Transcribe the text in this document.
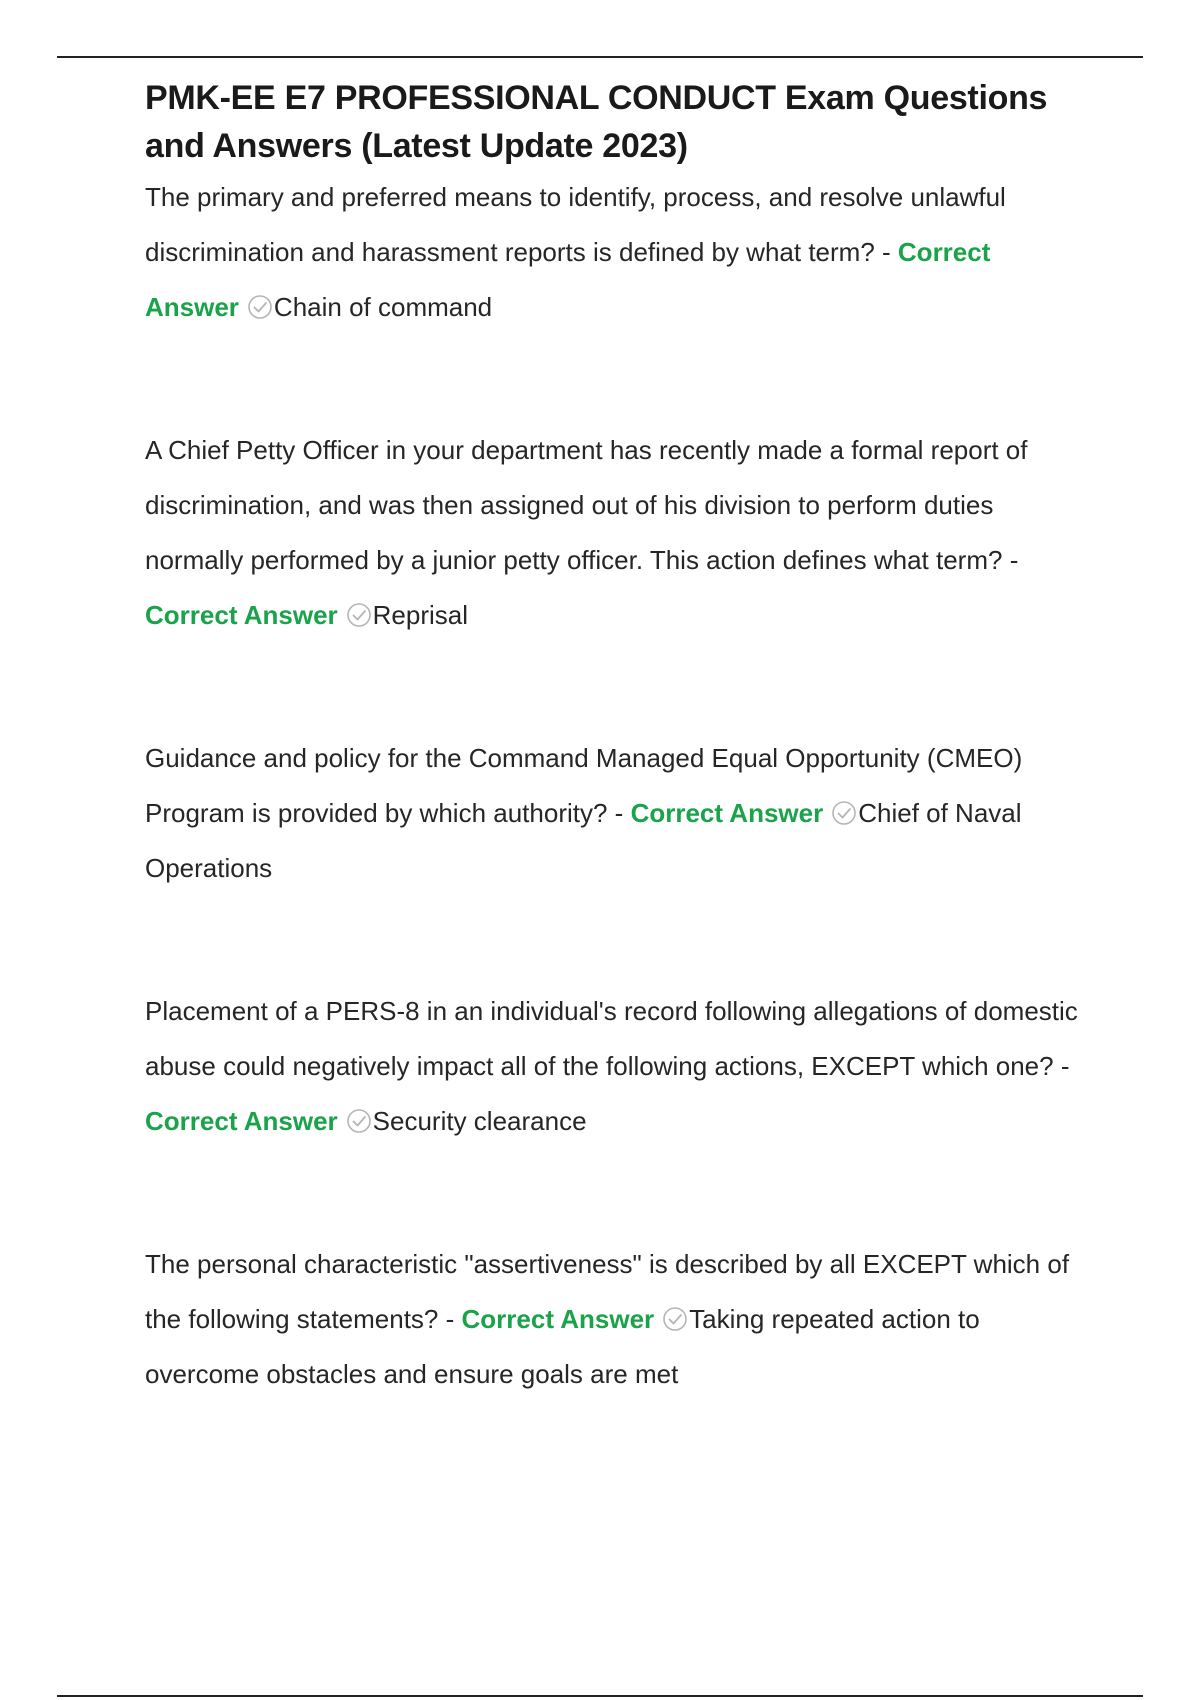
PMK-EE E7 PROFESSIONAL CONDUCT Exam Questions and Answers (Latest Update 2023)
The primary and preferred means to identify, process, and resolve unlawful discrimination and harassment reports is defined by what term? - Correct Answer Chain of command
A Chief Petty Officer in your department has recently made a formal report of discrimination, and was then assigned out of his division to perform duties normally performed by a junior petty officer. This action defines what term? - Correct Answer Reprisal
Guidance and policy for the Command Managed Equal Opportunity (CMEO) Program is provided by which authority? - Correct Answer Chief of Naval Operations
Placement of a PERS-8 in an individual's record following allegations of domestic abuse could negatively impact all of the following actions, EXCEPT which one? - Correct Answer Security clearance
The personal characteristic "assertiveness" is described by all EXCEPT which of the following statements? - Correct Answer Taking repeated action to overcome obstacles and ensure goals are met
